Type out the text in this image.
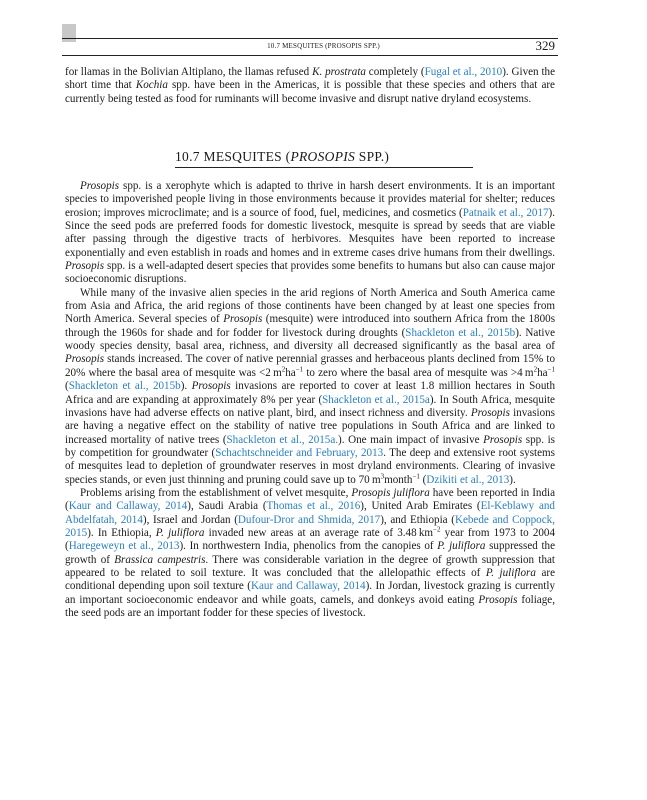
10.7 MESQUITES (PROSOPIS SPP.)	329

for llamas in the Bolivian Altiplano, the llamas refused K. prostrata completely (Fugal et al., 2010). Given the short time that Kochia spp. have been in the Americas, it is possible that these species and others that are currently being tested as food for ruminants will become invasive and disrupt native dryland ecosystems.

10.7 MESQUITES (PROSOPIS SPP.)

Prosopis spp. is a xerophyte which is adapted to thrive in harsh desert environments. It is an important species to impoverished people living in those environments because it provides material for shelter; reduces erosion; improves microclimate; and is a source of food, fuel, medicines, and cosmetics (Patnaik et al., 2017). Since the seed pods are preferred foods for domestic livestock, mesquite is spread by seeds that are viable after passing through the digestive tracts of herbivores. Mesquites have been reported to increase exponentially and even establish in roads and homes and in extreme cases drive humans from their dwellings. Prosopis spp. is a well-adapted desert species that provides some benefits to humans but also can cause major socioeconomic disruptions.

While many of the invasive alien species in the arid regions of North America and South America came from Asia and Africa, the arid regions of those continents have been changed by at least one species from North America. Several species of Prosopis (mesquite) were introduced into southern Africa from the 1800s through the 1960s for shade and for fodder for livestock during droughts (Shackleton et al., 2015b). Native woody species density, basal area, richness, and diversity all decreased significantly as the basal area of Prosopis stands increased. The cover of native perennial grasses and herbaceous plants declined from 15% to 20% where the basal area of mesquite was <2 $m^2ha^{-1}$ to zero where the basal area of mesquite was >4 $m^2ha^{-1}$ (Shackleton et al., 2015b). Prosopis invasions are reported to cover at least 1.8 million hectares in South Africa and are expanding at approximately 8% per year (Shackleton et al., 2015a). In South Africa, mesquite invasions have had adverse effects on native plant, bird, and insect richness and diversity. Prosopis invasions are having a negative effect on the stability of native tree populations in South Africa and are linked to increased mortality of native trees (Shackleton et al., 2015a.). One main impact of invasive Prosopis spp. is by competition for groundwater (Schachtschneider and February, 2013. The deep and extensive root systems of mesquites lead to depletion of groundwater reserves in most dryland environments. Clearing of invasive species stands, or even just thinning and pruning could save up to 70 $m^3month^{-1}$ (Dzikiti et al., 2013).

Problems arising from the establishment of velvet mesquite, Prosopis juliflora have been reported in India (Kaur and Callaway, 2014), Saudi Arabia (Thomas et al., 2016), United Arab Emirates (El-Keblawy and Abdelfatah, 2014), Israel and Jordan (Dufour-Dror and Shmida, 2017), and Ethiopia (Kebede and Coppock, 2015). In Ethiopia, P. juliflora invaded new areas at an average rate of 3.48 $km^{-2}$ year from 1973 to 2004 (Haregeweyn et al., 2013). In northwestern India, phenolics from the canopies of P. juliflora suppressed the growth of Brassica campestris. There was considerable variation in the degree of growth suppression that appeared to be related to soil texture. It was concluded that the allelopathic effects of P. juliflora are conditional depending upon soil texture (Kaur and Callaway, 2014). In Jordan, livestock grazing is currently an important socioeconomic endeavor and while goats, camels, and donkeys avoid eating Prosopis foliage, the seed pods are an important fodder for these species of livestock.
